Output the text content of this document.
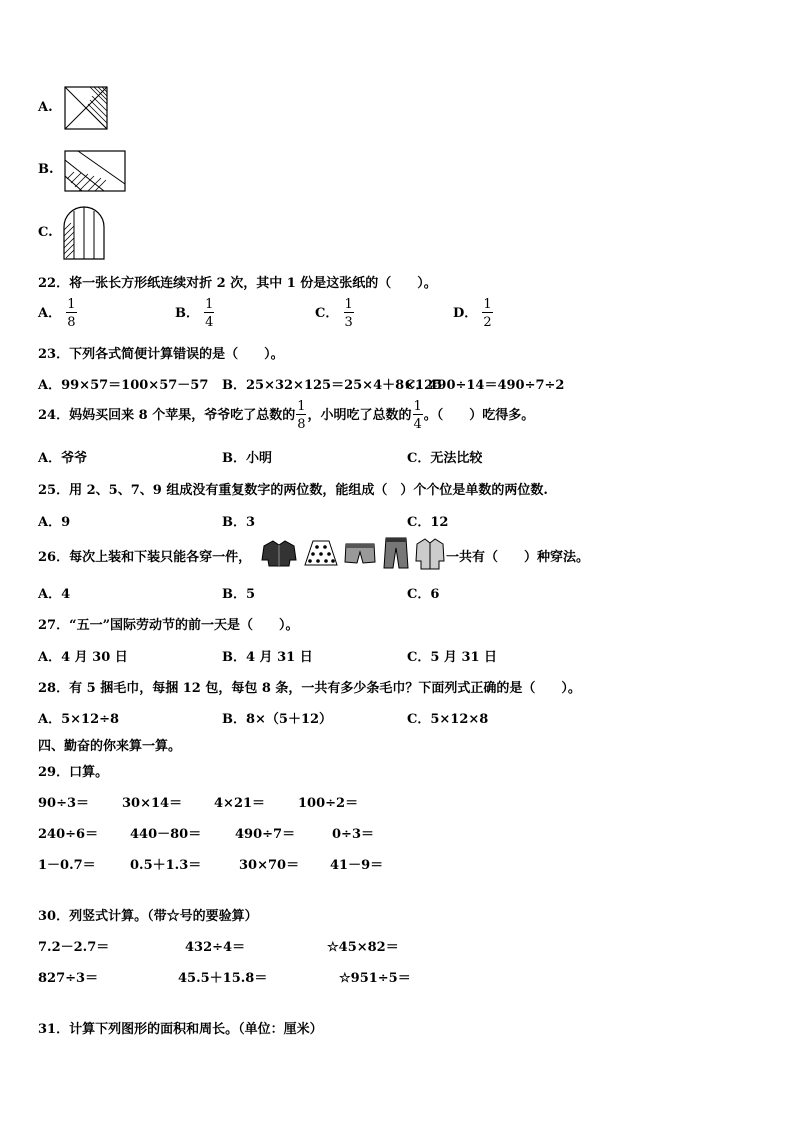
A.
B.
C.
22．将一张长方形纸连续对折 2 次，其中 1 份是这张纸的（　　）。
A． $\frac{1}{8}$	B． $\frac{1}{4}$	C． $\frac{1}{3}$	D． $\frac{1}{2}$
23．下列各式简便计算错误的是（　　）。
A．99×57＝100×57－57 B．25×32×125＝25×4＋8×125
C．490÷14＝490÷7÷2
24．妈妈买回来 8 个苹果，爷爷吃了总数的 $\frac{1}{8}$ ，小明吃了总数的 $\frac{1}{4}$ 。（　　）吃得多。
A．爷爷	B．小明	C．无法比较
25．用 2、5、7、9 组成没有重复数字的两位数，能组成（　）个个位是单数的两位数.
A．9	B．3	C．12
26．每次上装和下装只能各穿一件，	一共有（　　）种穿法。
A．4	B．5	C．6
27．“五一”国际劳动节的前一天是（　　）。
A．4 月 30 日	B．4 月 31 日	C．5 月 31 日
28．有 5 捆毛巾，每捆 12 包，每包 8 条，一共有多少条毛巾？下面列式正确的是（　　）。
A．5×12÷8	B．8×（5＋12）	C．5×12×8
四、勤奋的你来算一算。
29．口算。
90÷3＝	30×14＝ 4×21＝	100÷2＝
240÷6＝ 440－80＝	490÷7＝	0÷3＝
1－0.7＝	0.5＋1.3＝	30×70＝ 41－9＝
30．列竖式计算。（带☆号的要验算）
7.2－2.7＝	432÷4＝	☆45×82＝
827÷3＝	45.5＋15.8＝	☆951÷5＝
31．计算下列图形的面积和周长。（单位：厘米）
